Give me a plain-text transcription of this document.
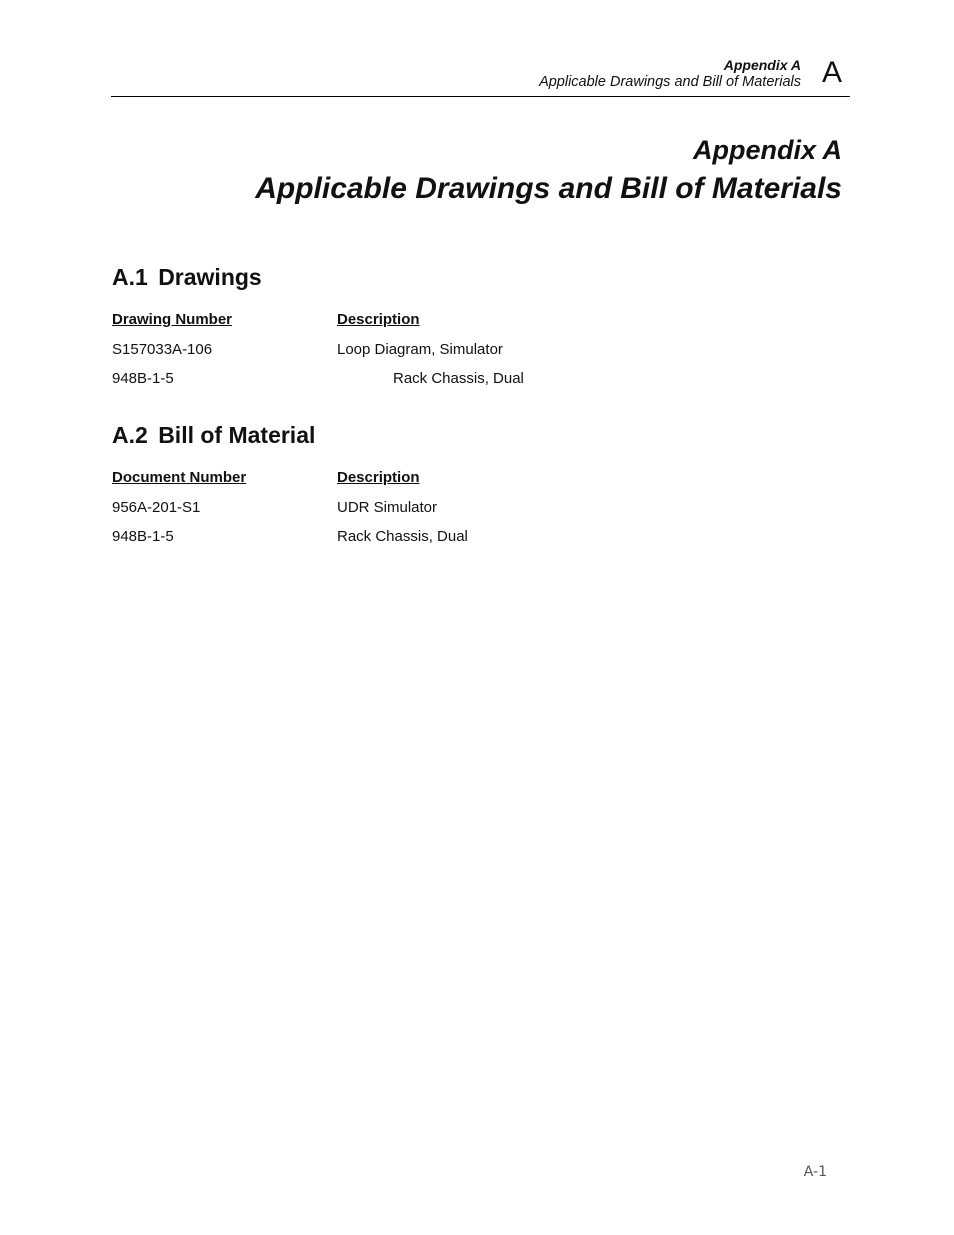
Appendix A
Applicable Drawings and Bill of Materials A
Appendix A
Applicable Drawings and Bill of Materials
A.1 Drawings
Drawing Number	Description
S157033A-106	Loop Diagram, Simulator
948B-1-5	Rack Chassis, Dual
A.2 Bill of Material
Document Number	Description
956A-201-S1	UDR Simulator
948B-1-5	Rack Chassis, Dual
A-1
